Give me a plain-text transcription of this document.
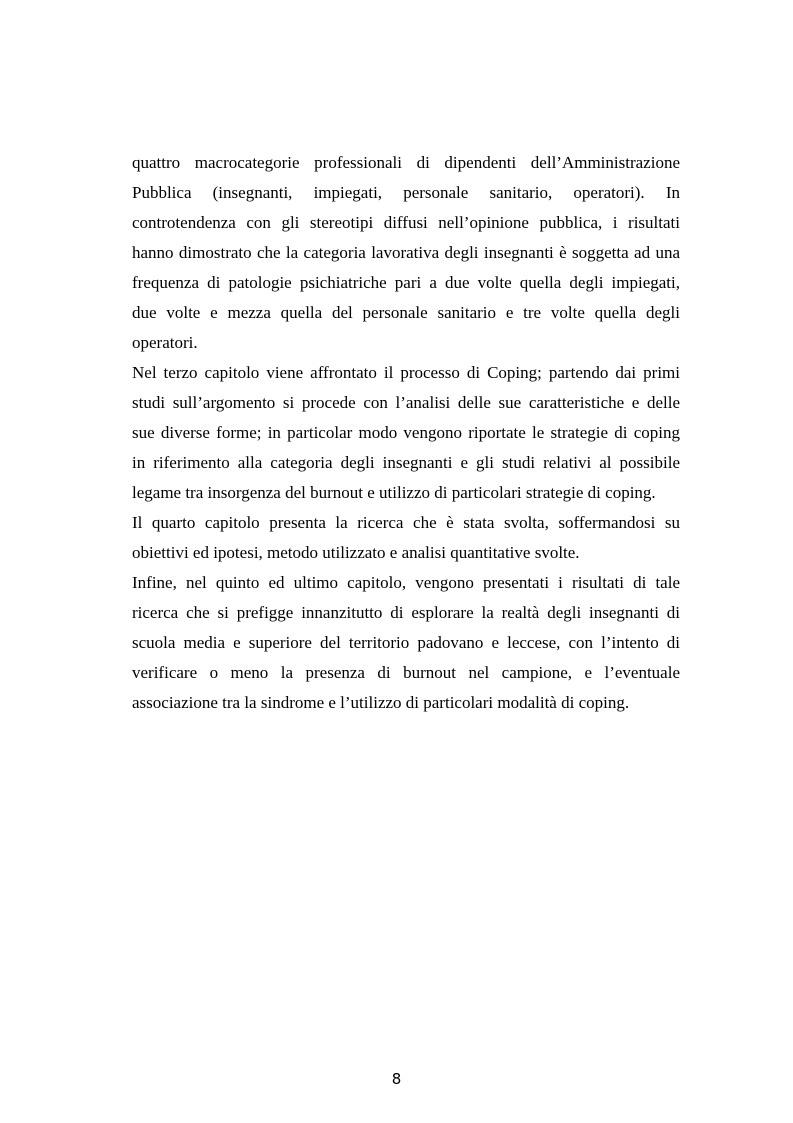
quattro macrocategorie professionali di dipendenti dell’Amministrazione
Pubblica (insegnanti, impiegati, personale sanitario, operatori). In
controtendenza con gli stereotipi diffusi nell’opinione pubblica, i risultati
hanno dimostrato che la categoria lavorativa degli insegnanti è soggetta ad una
frequenza di patologie psichiatriche pari a due volte quella degli impiegati,
due volte e mezza quella del personale sanitario e tre volte quella degli
operatori.
Nel terzo capitolo viene affrontato il processo di Coping; partendo dai primi
studi sull’argomento si procede con l’analisi delle sue caratteristiche e delle
sue diverse forme; in particolar modo vengono riportate le strategie di coping
in riferimento alla categoria degli insegnanti e gli studi relativi al possibile
legame tra insorgenza del burnout e utilizzo di particolari strategie di coping.
Il quarto capitolo presenta la ricerca che è stata svolta, soffermandosi su
obiettivi ed ipotesi, metodo utilizzato e analisi quantitative svolte.
Infine, nel quinto ed ultimo capitolo, vengono presentati i risultati di tale
ricerca che si prefigge innanzitutto di esplorare la realtà degli insegnanti di
scuola media e superiore del territorio padovano e leccese, con l’intento di
verificare o meno la presenza di burnout nel campione, e l’eventuale
associazione tra la sindrome e l’utilizzo di particolari modalità di coping.
8
